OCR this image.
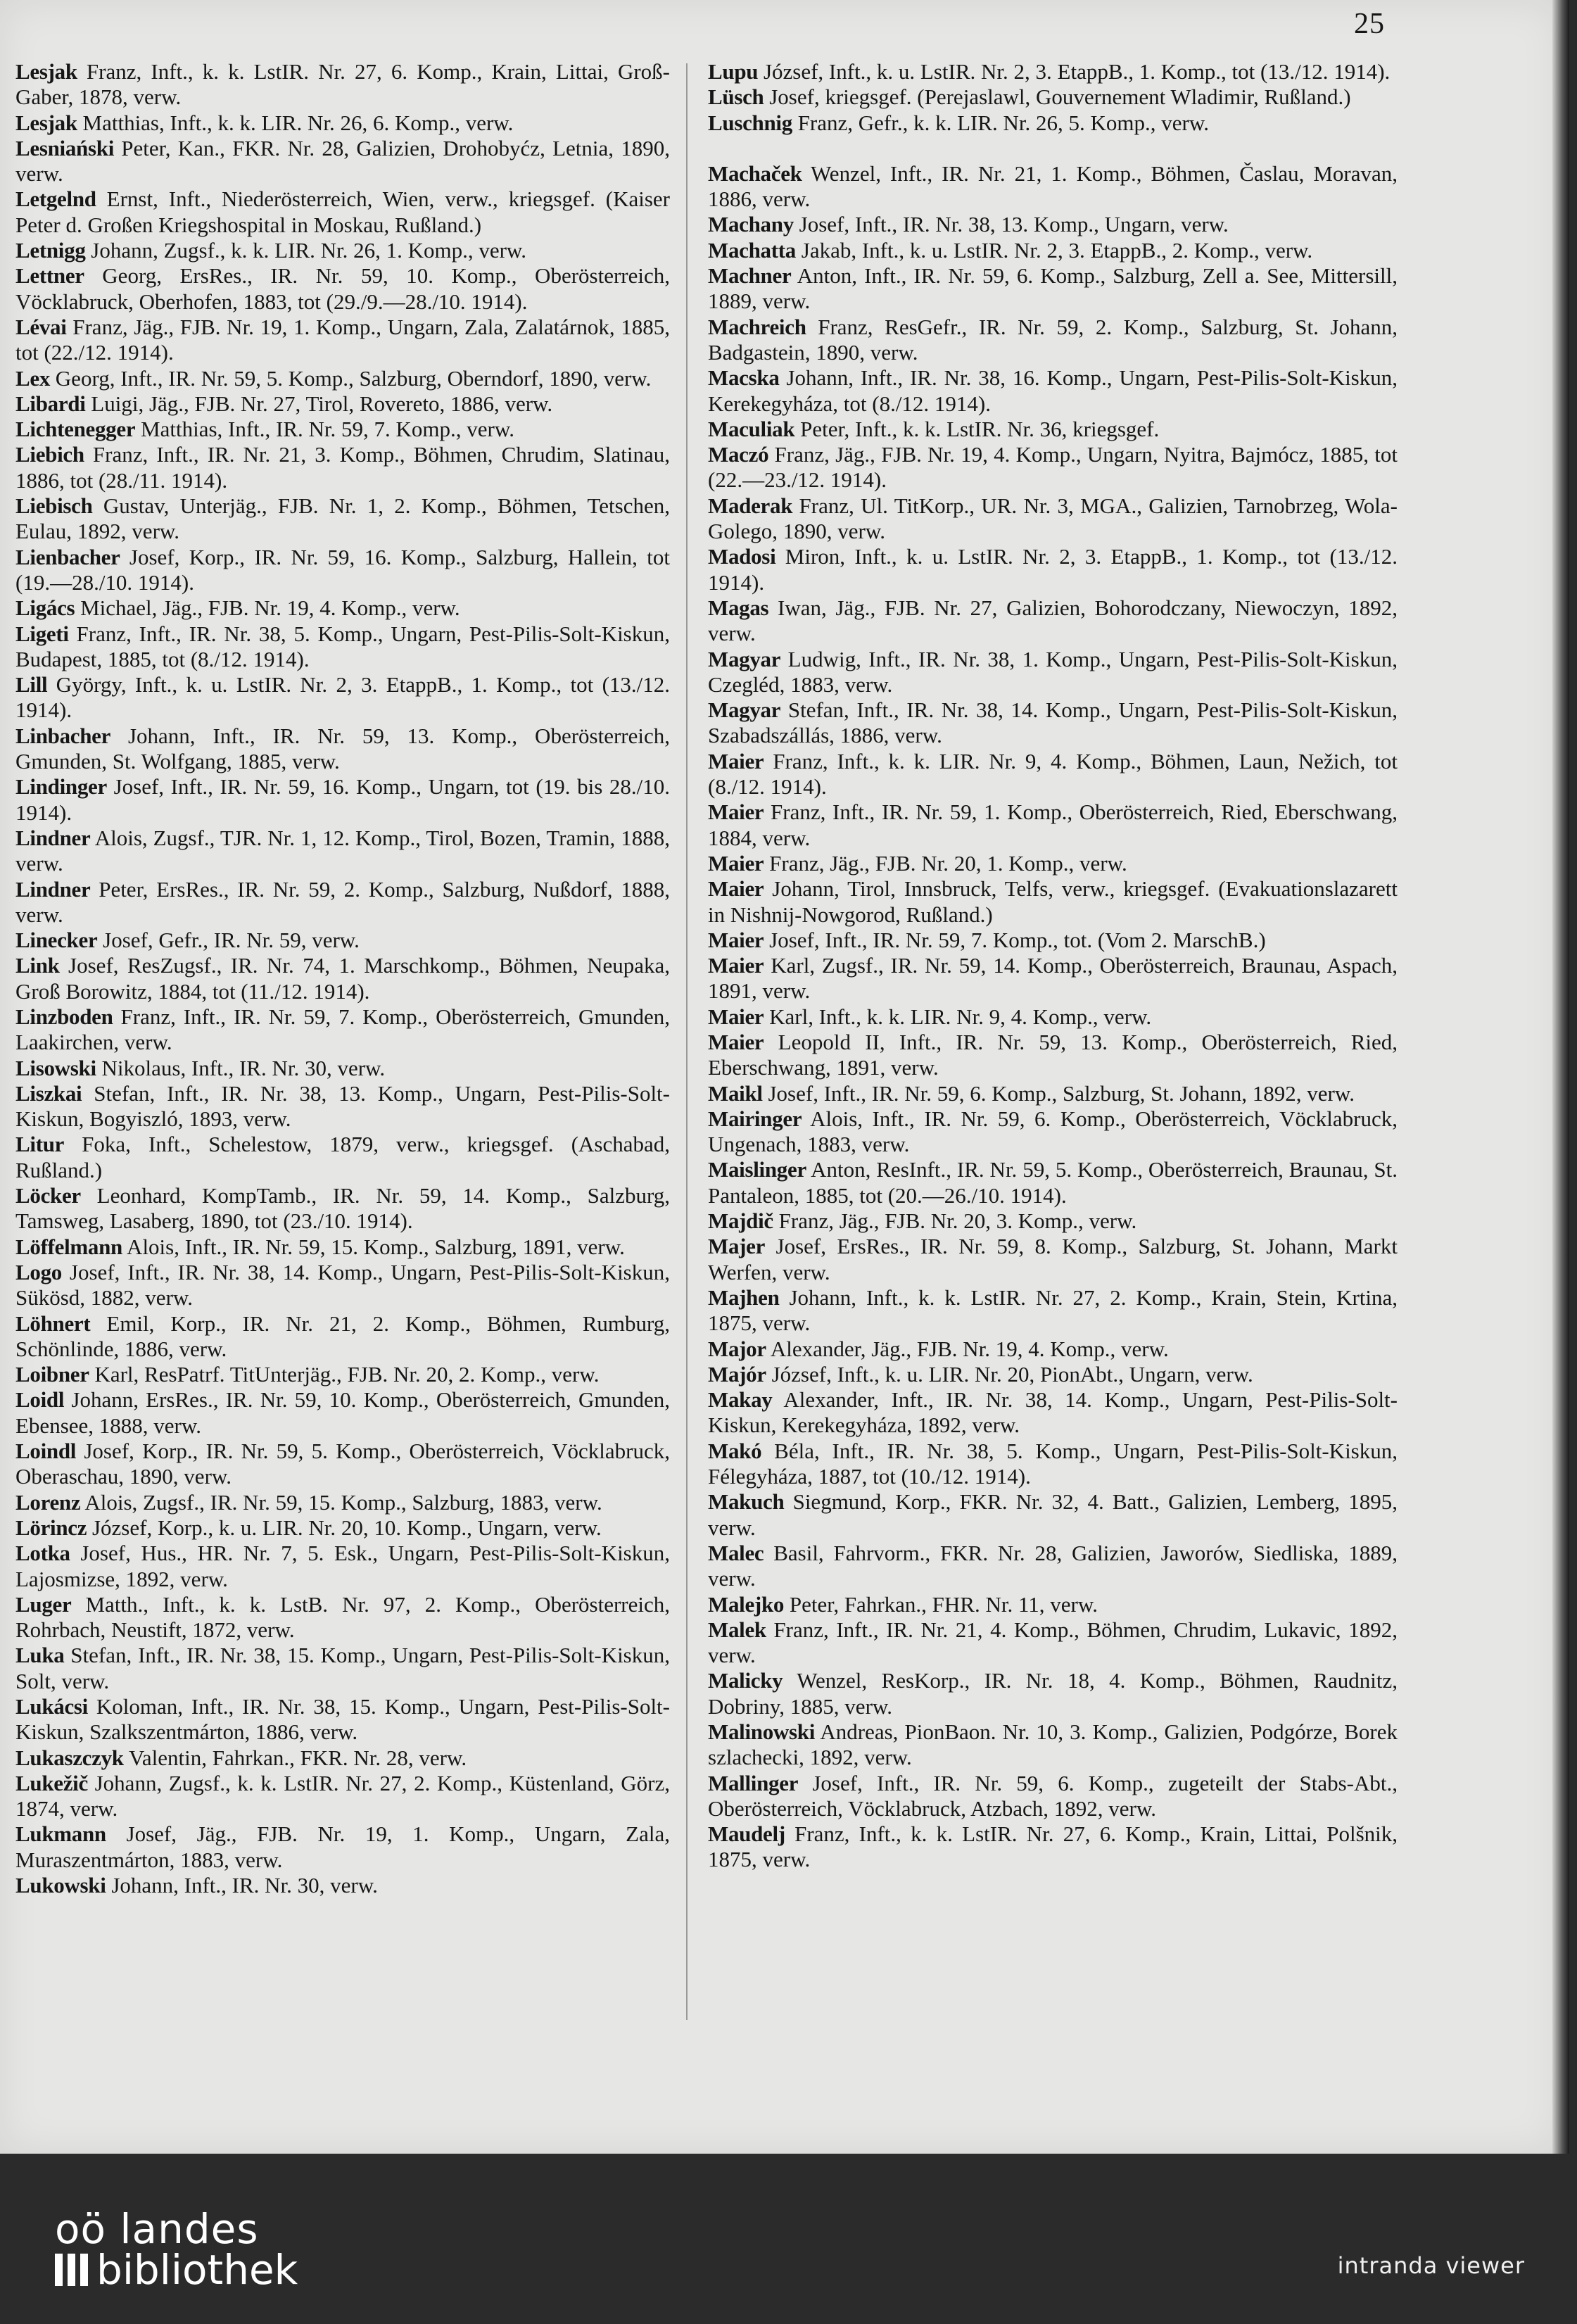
25
Lesjak Franz, Inft., k. k. LstIR. Nr. 27, 6. Komp., Krain, Littai, Groß-Gaber, 1878, verw.
Lesjak Matthias, Inft., k. k. LIR. Nr. 26, 6. Komp., verw.
Lesniański Peter, Kan., FKR. Nr. 28, Galizien, Drohobyćz, Letnia, 1890, verw.
Letgelnd Ernst, Inft., Niederösterreich, Wien, verw., kriegsgef. (Kaiser Peter d. Großen Kriegshospital in Moskau, Rußland.)
Letnigg Johann, Zugsf., k. k. LIR. Nr. 26, 1. Komp., verw.
Lettner Georg, ErsRes., IR. Nr. 59, 10. Komp., Oberösterreich, Vöcklabruck, Oberhofen, 1883, tot (29./9.—28./10. 1914).
Lévai Franz, Jäg., FJB. Nr. 19, 1. Komp., Ungarn, Zala, Zalatárnok, 1885, tot (22./12. 1914).
Lex Georg, Inft., IR. Nr. 59, 5. Komp., Salzburg, Oberndorf, 1890, verw.
Libardi Luigi, Jäg., FJB. Nr. 27, Tirol, Rovereto, 1886, verw.
Lichtenegger Matthias, Inft., IR. Nr. 59, 7. Komp., verw.
Liebich Franz, Inft., IR. Nr. 21, 3. Komp., Böhmen, Chrudim, Slatinau, 1886, tot (28./11. 1914).
Liebisch Gustav, Unterjäg., FJB. Nr. 1, 2. Komp., Böhmen, Tetschen, Eulau, 1892, verw.
Lienbacher Josef, Korp., IR. Nr. 59, 16. Komp., Salzburg, Hallein, tot (19.—28./10. 1914).
Ligács Michael, Jäg., FJB. Nr. 19, 4. Komp., verw.
Ligeti Franz, Inft., IR. Nr. 38, 5. Komp., Ungarn, Pest-Pilis-Solt-Kiskun, Budapest, 1885, tot (8./12. 1914).
Lill György, Inft., k. u. LstIR. Nr. 2, 3. EtappB., 1. Komp., tot (13./12. 1914).
Linbacher Johann, Inft., IR. Nr. 59, 13. Komp., Oberösterreich, Gmunden, St. Wolfgang, 1885, verw.
Lindinger Josef, Inft., IR. Nr. 59, 16. Komp., Ungarn, tot (19. bis 28./10. 1914).
Lindner Alois, Zugsf., TJR. Nr. 1, 12. Komp., Tirol, Bozen, Tramin, 1888, verw.
Lindner Peter, ErsRes., IR. Nr. 59, 2. Komp., Salzburg, Nußdorf, 1888, verw.
Linecker Josef, Gefr., IR. Nr. 59, verw.
Link Josef, ResZugsf., IR. Nr. 74, 1. Marschkomp., Böhmen, Neupaka, Groß Borowitz, 1884, tot (11./12. 1914).
Linzboden Franz, Inft., IR. Nr. 59, 7. Komp., Oberösterreich, Gmunden, Laakirchen, verw.
Lisowski Nikolaus, Inft., IR. Nr. 30, verw.
Liszkai Stefan, Inft., IR. Nr. 38, 13. Komp., Ungarn, Pest-Pilis-Solt-Kiskun, Bogyiszló, 1893, verw.
Litur Foka, Inft., Schelestow, 1879, verw., kriegsgef. (Aschabad, Rußland.)
Löcker Leonhard, KompTamb., IR. Nr. 59, 14. Komp., Salzburg, Tamsweg, Lasaberg, 1890, tot (23./10. 1914).
Löffelmann Alois, Inft., IR. Nr. 59, 15. Komp., Salzburg, 1891, verw.
Logo Josef, Inft., IR. Nr. 38, 14. Komp., Ungarn, Pest-Pilis-Solt-Kiskun, Sükösd, 1882, verw.
Löhnert Emil, Korp., IR. Nr. 21, 2. Komp., Böhmen, Rumburg, Schönlinde, 1886, verw.
Loibner Karl, ResPatrf. TitUnterjäg., FJB. Nr. 20, 2. Komp., verw.
Loidl Johann, ErsRes., IR. Nr. 59, 10. Komp., Oberösterreich, Gmunden, Ebensee, 1888, verw.
Loindl Josef, Korp., IR. Nr. 59, 5. Komp., Oberösterreich, Vöcklabruck, Oberaschau, 1890, verw.
Lorenz Alois, Zugsf., IR. Nr. 59, 15. Komp., Salzburg, 1883, verw.
Lörincz József, Korp., k. u. LIR. Nr. 20, 10. Komp., Ungarn, verw.
Lotka Josef, Hus., HR. Nr. 7, 5. Esk., Ungarn, Pest-Pilis-Solt-Kiskun, Lajosmizse, 1892, verw.
Luger Matth., Inft., k. k. LstB. Nr. 97, 2. Komp., Oberösterreich, Rohrbach, Neustift, 1872, verw.
Luka Stefan, Inft., IR. Nr. 38, 15. Komp., Ungarn, Pest-Pilis-Solt-Kiskun, Solt, verw.
Lukácsi Koloman, Inft., IR. Nr. 38, 15. Komp., Ungarn, Pest-Pilis-Solt-Kiskun, Szalkszentmárton, 1886, verw.
Lukaszczyk Valentin, Fahrkan., FKR. Nr. 28, verw.
Lukežič Johann, Zugsf., k. k. LstIR. Nr. 27, 2. Komp., Küstenland, Görz, 1874, verw.
Lukmann Josef, Jäg., FJB. Nr. 19, 1. Komp., Ungarn, Zala, Muraszentmárton, 1883, verw.
Lukowski Johann, Inft., IR. Nr. 30, verw.
Lupu József, Inft., k. u. LstIR. Nr. 2, 3. EtappB., 1. Komp., tot (13./12. 1914).
Lüsch Josef, kriegsgef. (Perejaslawl, Gouvernement Wladimir, Rußland.)
Luschnig Franz, Gefr., k. k. LIR. Nr. 26, 5. Komp., verw.
Machaček Wenzel, Inft., IR. Nr. 21, 1. Komp., Böhmen, Časlau, Moravan, 1886, verw.
Machany Josef, Inft., IR. Nr. 38, 13. Komp., Ungarn, verw.
Machatta Jakab, Inft., k. u. LstIR. Nr. 2, 3. EtappB., 2. Komp., verw.
Machner Anton, Inft., IR. Nr. 59, 6. Komp., Salzburg, Zell a. See, Mittersill, 1889, verw.
Machreich Franz, ResGefr., IR. Nr. 59, 2. Komp., Salzburg, St. Johann, Badgastein, 1890, verw.
Macska Johann, Inft., IR. Nr. 38, 16. Komp., Ungarn, Pest-Pilis-Solt-Kiskun, Kerekegyháza, tot (8./12. 1914).
Maculiak Peter, Inft., k. k. LstIR. Nr. 36, kriegsgef.
Maczó Franz, Jäg., FJB. Nr. 19, 4. Komp., Ungarn, Nyitra, Bajmócz, 1885, tot (22.—23./12. 1914).
Maderak Franz, Ul. TitKorp., UR. Nr. 3, MGA., Galizien, Tarnobrzeg, Wola-Golego, 1890, verw.
Madosi Miron, Inft., k. u. LstIR. Nr. 2, 3. EtappB., 1. Komp., tot (13./12. 1914).
Magas Iwan, Jäg., FJB. Nr. 27, Galizien, Bohorodczany, Niewoczyn, 1892, verw.
Magyar Ludwig, Inft., IR. Nr. 38, 1. Komp., Ungarn, Pest-Pilis-Solt-Kiskun, Czegléd, 1883, verw.
Magyar Stefan, Inft., IR. Nr. 38, 14. Komp., Ungarn, Pest-Pilis-Solt-Kiskun, Szabadszállás, 1886, verw.
Maier Franz, Inft., k. k. LIR. Nr. 9, 4. Komp., Böhmen, Laun, Nežich, tot (8./12. 1914).
Maier Franz, Inft., IR. Nr. 59, 1. Komp., Oberösterreich, Ried, Eberschwang, 1884, verw.
Maier Franz, Jäg., FJB. Nr. 20, 1. Komp., verw.
Maier Johann, Tirol, Innsbruck, Telfs, verw., kriegsgef. (Evakuationslazarett in Nishnij-Nowgorod, Rußland.)
Maier Josef, Inft., IR. Nr. 59, 7. Komp., tot. (Vom 2. MarschB.)
Maier Karl, Zugsf., IR. Nr. 59, 14. Komp., Oberösterreich, Braunau, Aspach, 1891, verw.
Maier Karl, Inft., k. k. LIR. Nr. 9, 4. Komp., verw.
Maier Leopold II, Inft., IR. Nr. 59, 13. Komp., Oberösterreich, Ried, Eberschwang, 1891, verw.
Maikl Josef, Inft., IR. Nr. 59, 6. Komp., Salzburg, St. Johann, 1892, verw.
Mairinger Alois, Inft., IR. Nr. 59, 6. Komp., Oberösterreich, Vöcklabruck, Ungenach, 1883, verw.
Maislinger Anton, ResInft., IR. Nr. 59, 5. Komp., Oberösterreich, Braunau, St. Pantaleon, 1885, tot (20.—26./10. 1914).
Majdič Franz, Jäg., FJB. Nr. 20, 3. Komp., verw.
Majer Josef, ErsRes., IR. Nr. 59, 8. Komp., Salzburg, St. Johann, Markt Werfen, verw.
Majhen Johann, Inft., k. k. LstIR. Nr. 27, 2. Komp., Krain, Stein, Krtina, 1875, verw.
Major Alexander, Jäg., FJB. Nr. 19, 4. Komp., verw.
Majór József, Inft., k. u. LIR. Nr. 20, PionAbt., Ungarn, verw.
Makay Alexander, Inft., IR. Nr. 38, 14. Komp., Ungarn, Pest-Pilis-Solt-Kiskun, Kerekegyháza, 1892, verw.
Makó Béla, Inft., IR. Nr. 38, 5. Komp., Ungarn, Pest-Pilis-Solt-Kiskun, Félegyháza, 1887, tot (10./12. 1914).
Makuch Siegmund, Korp., FKR. Nr. 32, 4. Batt., Galizien, Lemberg, 1895, verw.
Malec Basil, Fahrvorm., FKR. Nr. 28, Galizien, Jaworów, Siedliska, 1889, verw.
Malejko Peter, Fahrkan., FHR. Nr. 11, verw.
Malek Franz, Inft., IR. Nr. 21, 4. Komp., Böhmen, Chrudim, Lukavic, 1892, verw.
Malicky Wenzel, ResKorp., IR. Nr. 18, 4. Komp., Böhmen, Raudnitz, Dobriny, 1885, verw.
Malinowski Andreas, PionBaon. Nr. 10, 3. Komp., Galizien, Podgórze, Borek szlachecki, 1892, verw.
Mallinger Josef, Inft., IR. Nr. 59, 6. Komp., zugeteilt der Stabs-Abt., Oberösterreich, Vöcklabruck, Atzbach, 1892, verw.
Maudelj Franz, Inft., k. k. LstIR. Nr. 27, 6. Komp., Krain, Littai, Polšnik, 1875, verw.
oö landes
bibliothek	intranda viewer
